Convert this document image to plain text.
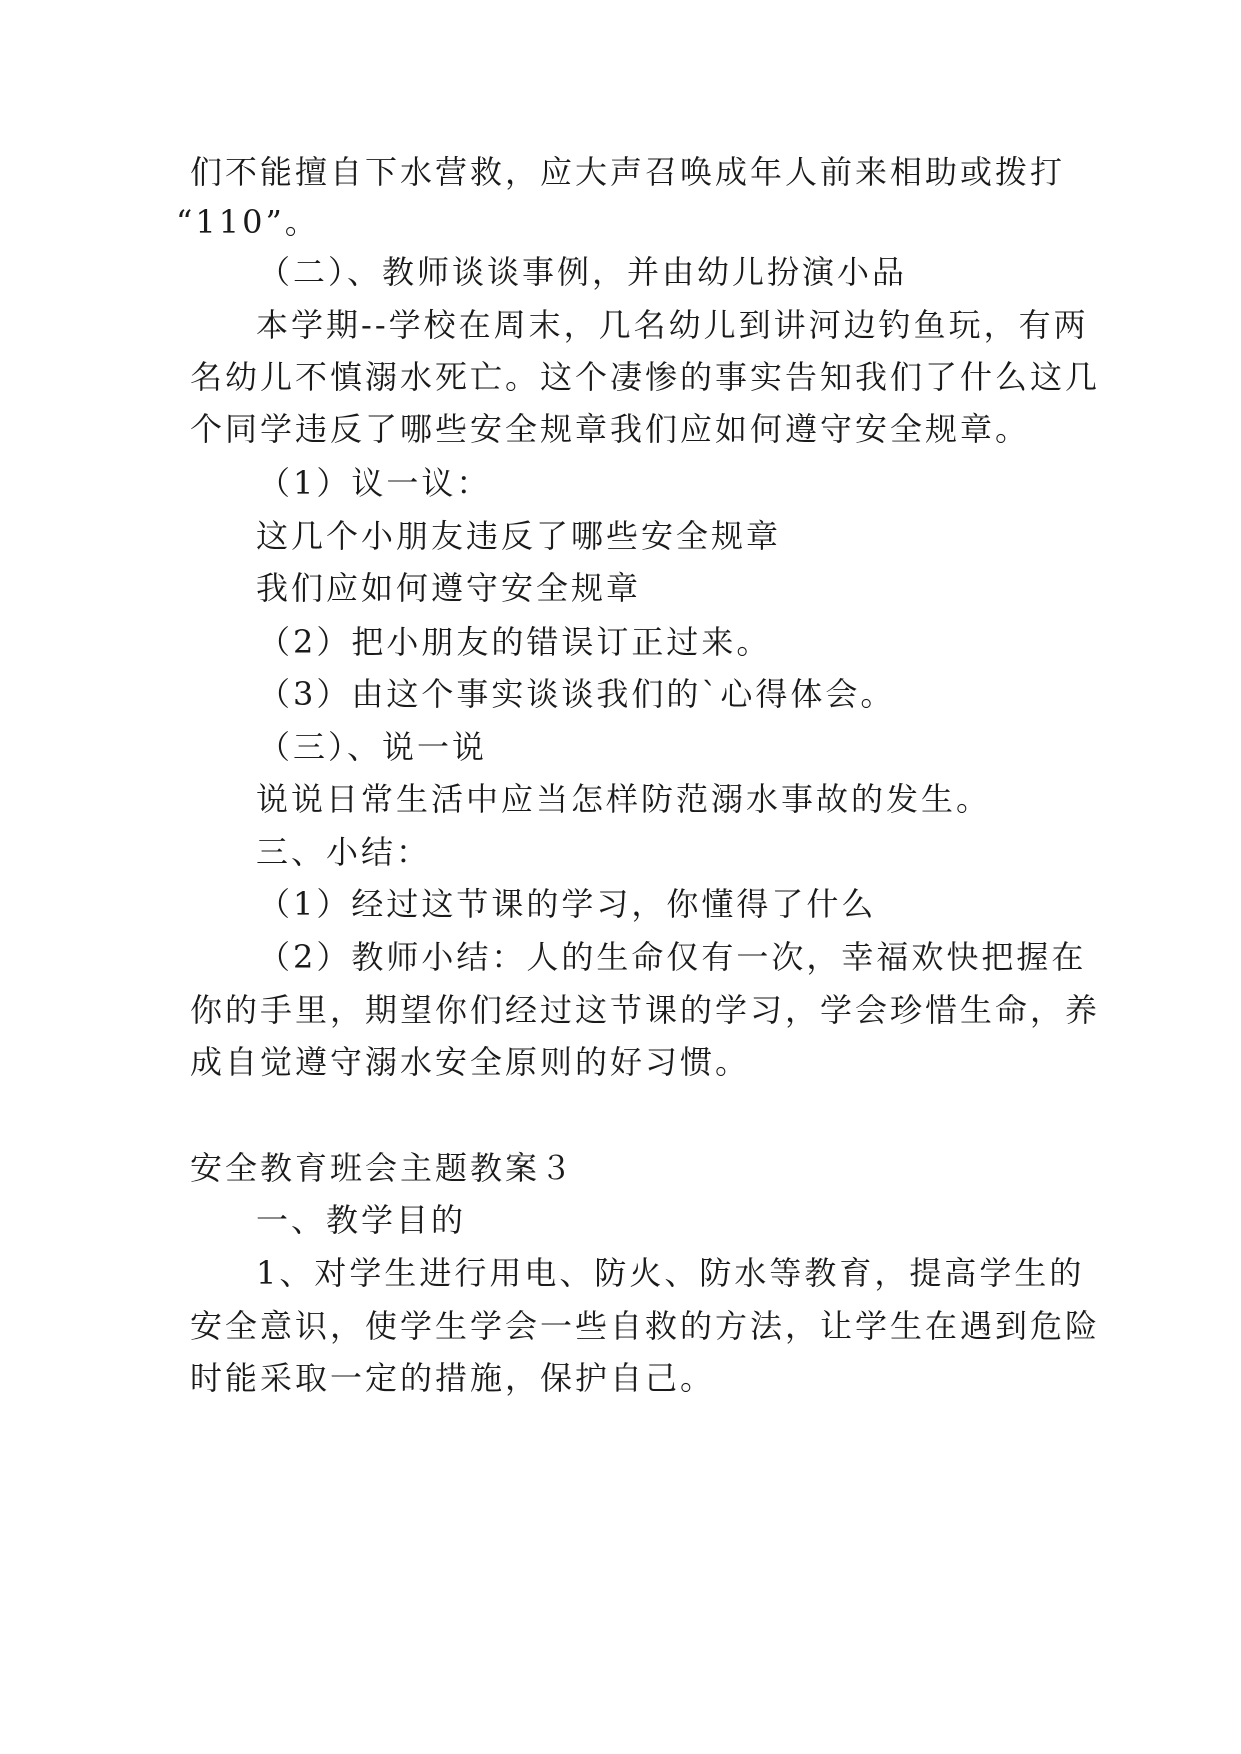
们不能擅自下水营救，应大声召唤成年人前来相助或拨打

“110”。

（二）、教师谈谈事例，并由幼儿扮演小品

本学期--学校在周末，几名幼儿到讲河边钓鱼玩，有两

名幼儿不慎溺水死亡。这个凄惨的事实告知我们了什么这几

个同学违反了哪些安全规章我们应如何遵守安全规章。

（1）议一议：

这几个小朋友违反了哪些安全规章

我们应如何遵守安全规章

（2）把小朋友的错误订正过来。

（3）由这个事实谈谈我们的`心得体会。

（三）、说一说

说说日常生活中应当怎样防范溺水事故的发生。

三、小结：

（1）经过这节课的学习，你懂得了什么

（2）教师小结：人的生命仅有一次，幸福欢快把握在

你的手里，期望你们经过这节课的学习，学会珍惜生命，养

成自觉遵守溺水安全原则的好习惯。

安全教育班会主题教案３

一、教学目的

1、对学生进行用电、防火、防水等教育，提高学生的

安全意识，使学生学会一些自救的方法，让学生在遇到危险

时能采取一定的措施，保护自己。
